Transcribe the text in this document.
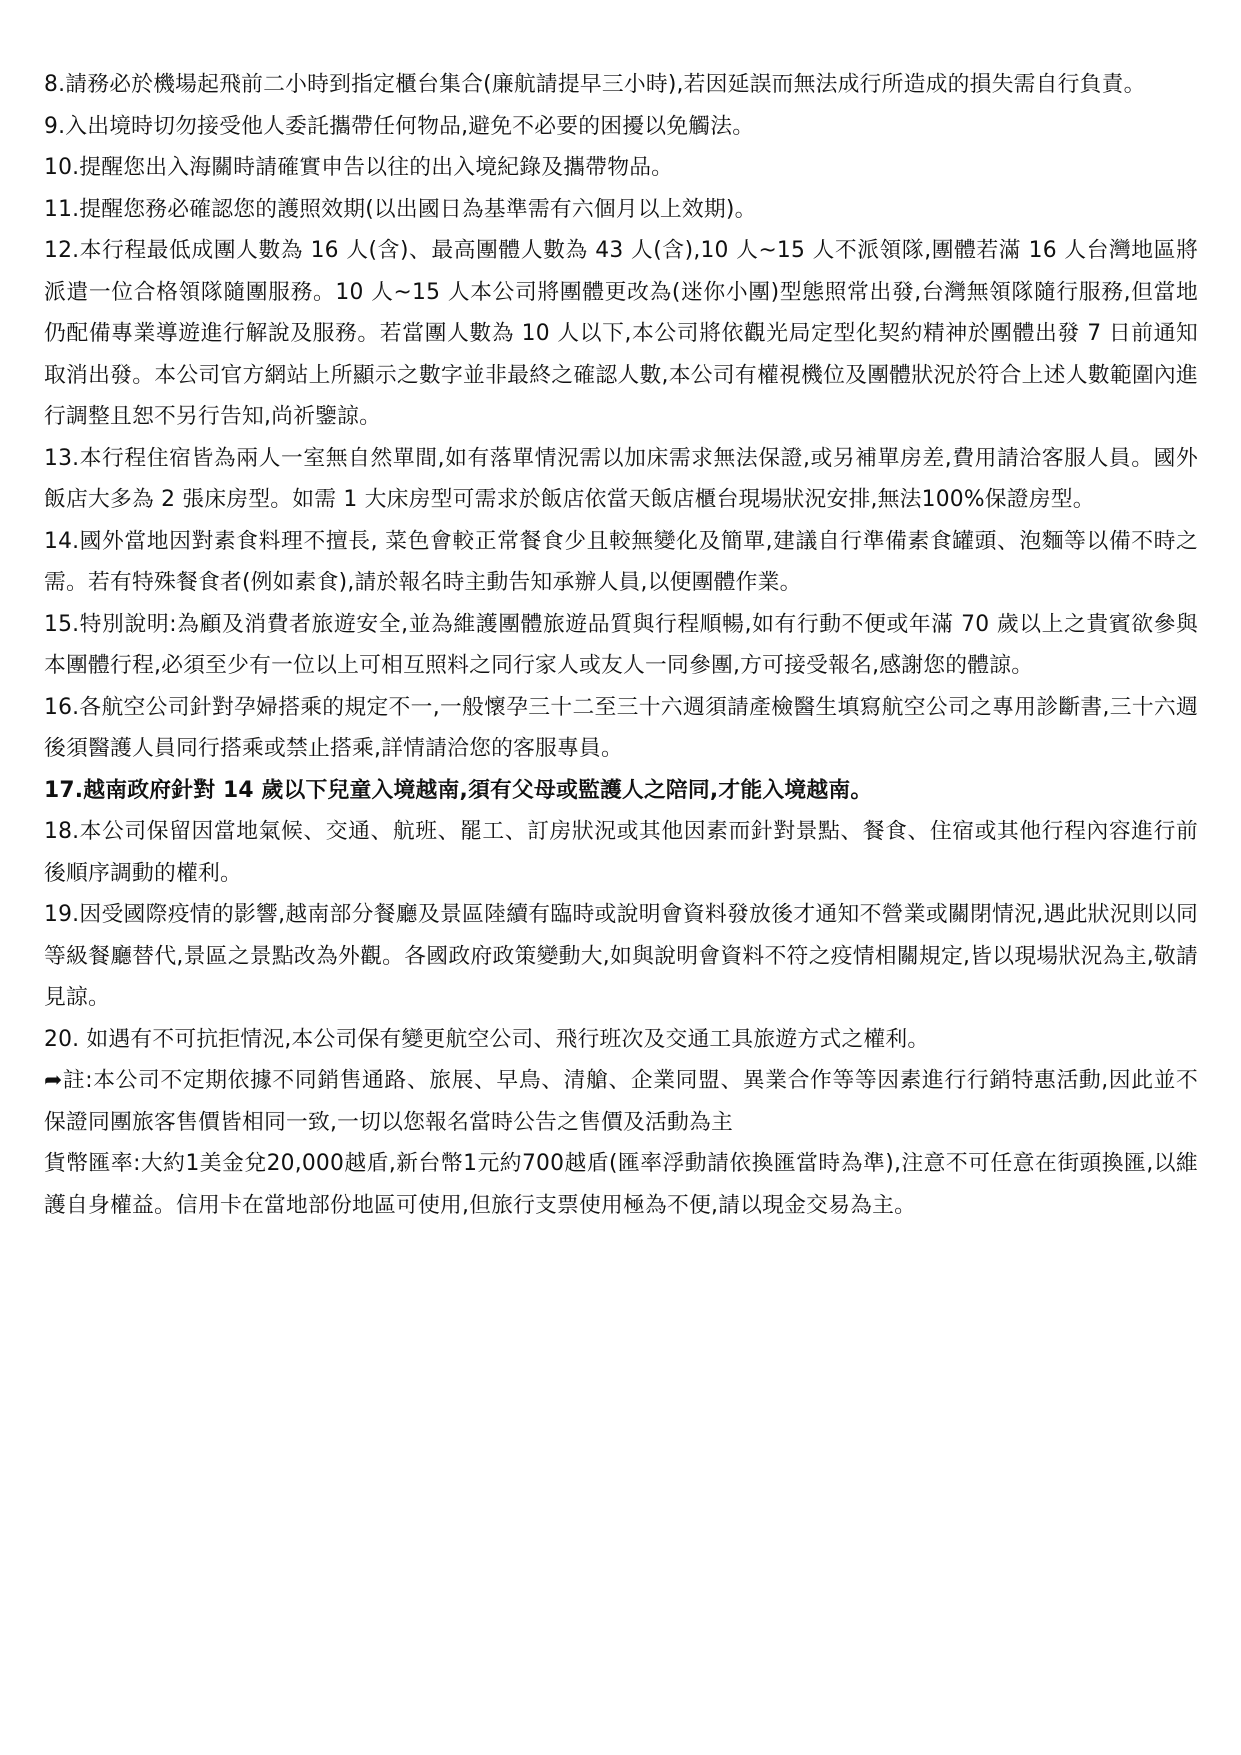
8.請務必於機場起飛前二小時到指定櫃台集合(廉航請提早三小時),若因延誤而無法成行所造成的損失需自行負責。

9.入出境時切勿接受他人委託攜帶任何物品,避免不必要的困擾以免觸法。

10.提醒您出入海關時請確實申告以往的出入境紀錄及攜帶物品。

11.提醒您務必確認您的護照效期(以出國日為基準需有六個月以上效期)。

12.本行程最低成團人數為 16 人(含)、最高團體人數為 43 人(含),10 人~15 人不派領隊,團體若滿 16 人台灣地區將派遣一位合格領隊隨團服務。10 人~15 人本公司將團體更改為(迷你小團)型態照常出發,台灣無領隊隨行服務,但當地仍配備專業導遊進行解說及服務。若當團人數為 10 人以下,本公司將依觀光局定型化契約精神於團體出發 7 日前通知取消出發。本公司官方網站上所顯示之數字並非最終之確認人數,本公司有權視機位及團體狀況於符合上述人數範圍內進行調整且恕不另行告知,尚祈鑒諒。

13.本行程住宿皆為兩人一室無自然單間,如有落單情況需以加床需求無法保證,或另補單房差,費用請洽客服人員。國外飯店大多為 2 張床房型。如需 1 大床房型可需求於飯店依當天飯店櫃台現場狀況安排,無法100%保證房型。

14.國外當地因對素食料理不擅長, 菜色會較正常餐食少且較無變化及簡單,建議自行準備素食罐頭、泡麵等以備不時之需。若有特殊餐食者(例如素食),請於報名時主動告知承辦人員,以便團體作業。

15.特別說明:為顧及消費者旅遊安全,並為維護團體旅遊品質與行程順暢,如有行動不便或年滿 70 歲以上之貴賓欲參與本團體行程,必須至少有一位以上可相互照料之同行家人或友人一同參團,方可接受報名,感謝您的體諒。

16.各航空公司針對孕婦搭乘的規定不一,一般懷孕三十二至三十六週須請產檢醫生填寫航空公司之專用診斷書,三十六週後須醫護人員同行搭乘或禁止搭乘,詳情請洽您的客服專員。

17.越南政府針對 14 歲以下兒童入境越南,須有父母或監護人之陪同,才能入境越南。

18.本公司保留因當地氣候、交通、航班、罷工、訂房狀況或其他因素而針對景點、餐食、住宿或其他行程內容進行前後順序調動的權利。

19.因受國際疫情的影響,越南部分餐廳及景區陸續有臨時或說明會資料發放後才通知不營業或關閉情況,遇此狀況則以同等級餐廳替代,景區之景點改為外觀。各國政府政策變動大,如與說明會資料不符之疫情相關規定,皆以現場狀況為主,敬請見諒。

20. 如遇有不可抗拒情況,本公司保有變更航空公司、飛行班次及交通工具旅遊方式之權利。

➦註:本公司不定期依據不同銷售通路、旅展、早鳥、清艙、企業同盟、異業合作等等因素進行行銷特惠活動,因此並不保證同團旅客售價皆相同一致,一切以您報名當時公告之售價及活動為主

貨幣匯率:大約1美金兌20,000越盾,新台幣1元約700越盾(匯率浮動請依換匯當時為準),注意不可任意在街頭換匯,以維護自身權益。信用卡在當地部份地區可使用,但旅行支票使用極為不便,請以現金交易為主。
